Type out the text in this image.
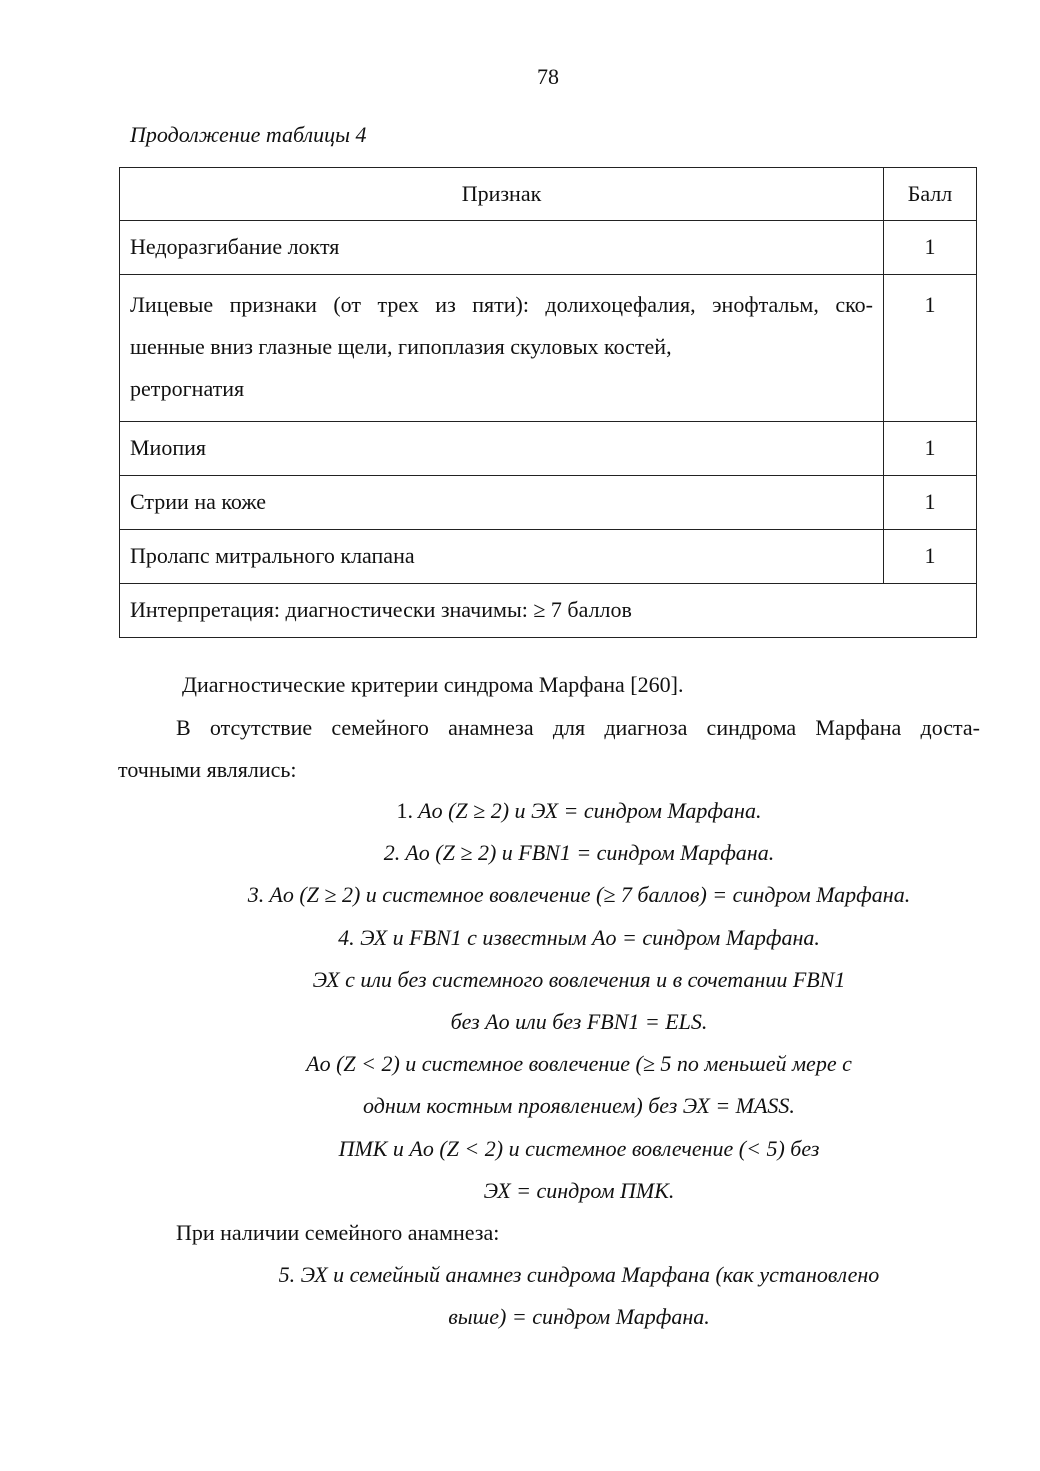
78
Продолжение таблицы 4
Признак	Балл
Недоразгибание локтя	1

Лицевые признаки (от трех из пяти): долихоцефалия, энофтальм, ско-
шенные вниз глазные щели, гипоплазия скуловых костей,
ретрогнатия	1
Миопия	1
Стрии на коже	1
Пролапс митрального клапана	1
Интерпретация: диагностически значимы: ≥ 7 баллов	
Диагностические критерии синдрома Марфана [260].
В отсутствие семейного анамнеза для диагноза синдрома Марфана доста-
точными являлись:
1. Ao (Z ≥ 2) и ЭХ = синдром Марфана.
2. Ao (Z ≥ 2) и FBN1 = синдром Марфана.
3. Ao (Z ≥ 2) и системное вовлечение (≥ 7 баллов) = синдром Марфана.
4. ЭХ и FBN1 с известным Ao = синдром Марфана.
ЭХ с или без системного вовлечения и в сочетании FBN1
без Ao или без FBN1 = ELS.
Ao (Z < 2) и системное вовлечение (≥ 5 по меньшей мере с
одним костным проявлением) без ЭХ = MASS.
ПМК и Ao (Z < 2) и системное вовлечение (< 5) без
ЭХ = синдром ПМК.
При наличии семейного анамнеза:
5. ЭХ и семейный анамнез синдрома Марфана (как установлено
выше) = синдром Марфана.
